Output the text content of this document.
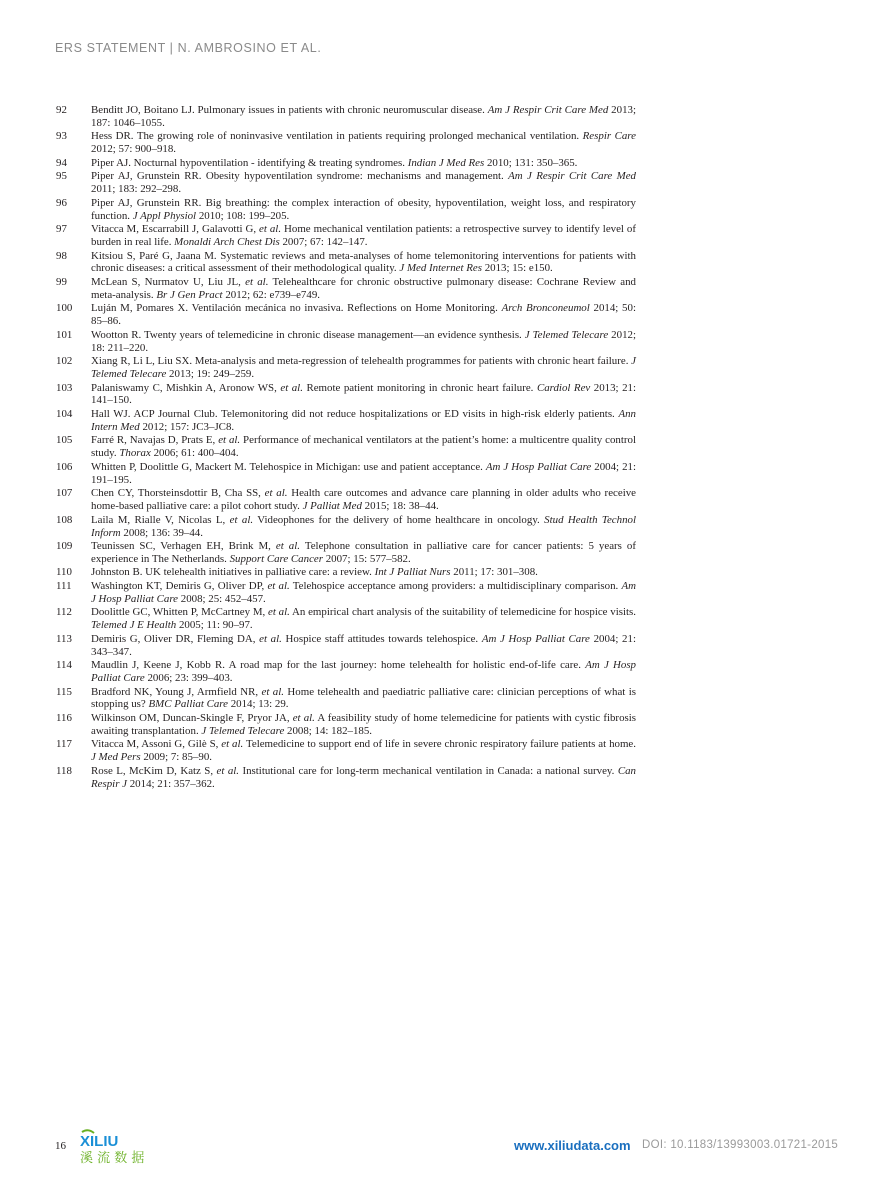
ERS STATEMENT | N. AMBROSINO ET AL.
92 Benditt JO, Boitano LJ. Pulmonary issues in patients with chronic neuromuscular disease. Am J Respir Crit Care Med 2013; 187: 1046–1055.
93 Hess DR. The growing role of noninvasive ventilation in patients requiring prolonged mechanical ventilation. Respir Care 2012; 57: 900–918.
94 Piper AJ. Nocturnal hypoventilation - identifying & treating syndromes. Indian J Med Res 2010; 131: 350–365.
95 Piper AJ, Grunstein RR. Obesity hypoventilation syndrome: mechanisms and management. Am J Respir Crit Care Med 2011; 183: 292–298.
96 Piper AJ, Grunstein RR. Big breathing: the complex interaction of obesity, hypoventilation, weight loss, and respiratory function. J Appl Physiol 2010; 108: 199–205.
97 Vitacca M, Escarrabill J, Galavotti G, et al. Home mechanical ventilation patients: a retrospective survey to identify level of burden in real life. Monaldi Arch Chest Dis 2007; 67: 142–147.
98 Kitsiou S, Paré G, Jaana M. Systematic reviews and meta-analyses of home telemonitoring interventions for patients with chronic diseases: a critical assessment of their methodological quality. J Med Internet Res 2013; 15: e150.
99 McLean S, Nurmatov U, Liu JL, et al. Telehealthcare for chronic obstructive pulmonary disease: Cochrane Review and meta-analysis. Br J Gen Pract 2012; 62: e739–e749.
100 Luján M, Pomares X. Ventilación mecánica no invasiva. Reflections on Home Monitoring. Arch Bronconeumol 2014; 50: 85–86.
101 Wootton R. Twenty years of telemedicine in chronic disease management—an evidence synthesis. J Telemed Telecare 2012; 18: 211–220.
102 Xiang R, Li L, Liu SX. Meta-analysis and meta-regression of telehealth programmes for patients with chronic heart failure. J Telemed Telecare 2013; 19: 249–259.
103 Palaniswamy C, Mishkin A, Aronow WS, et al. Remote patient monitoring in chronic heart failure. Cardiol Rev 2013; 21: 141–150.
104 Hall WJ. ACP Journal Club. Telemonitoring did not reduce hospitalizations or ED visits in high-risk elderly patients. Ann Intern Med 2012; 157: JC3–JC8.
105 Farré R, Navajas D, Prats E, et al. Performance of mechanical ventilators at the patient’s home: a multicentre quality control study. Thorax 2006; 61: 400–404.
106 Whitten P, Doolittle G, Mackert M. Telehospice in Michigan: use and patient acceptance. Am J Hosp Palliat Care 2004; 21: 191–195.
107 Chen CY, Thorsteinsdottir B, Cha SS, et al. Health care outcomes and advance care planning in older adults who receive home-based palliative care: a pilot cohort study. J Palliat Med 2015; 18: 38–44.
108 Laila M, Rialle V, Nicolas L, et al. Videophones for the delivery of home healthcare in oncology. Stud Health Technol Inform 2008; 136: 39–44.
109 Teunissen SC, Verhagen EH, Brink M, et al. Telephone consultation in palliative care for cancer patients: 5 years of experience in The Netherlands. Support Care Cancer 2007; 15: 577–582.
110 Johnston B. UK telehealth initiatives in palliative care: a review. Int J Palliat Nurs 2011; 17: 301–308.
111 Washington KT, Demiris G, Oliver DP, et al. Telehospice acceptance among providers: a multidisciplinary comparison. Am J Hosp Palliat Care 2008; 25: 452–457.
112 Doolittle GC, Whitten P, McCartney M, et al. An empirical chart analysis of the suitability of telemedicine for hospice visits. Telemed J E Health 2005; 11: 90–97.
113 Demiris G, Oliver DR, Fleming DA, et al. Hospice staff attitudes towards telehospice. Am J Hosp Palliat Care 2004; 21: 343–347.
114 Maudlin J, Keene J, Kobb R. A road map for the last journey: home telehealth for holistic end-of-life care. Am J Hosp Palliat Care 2006; 23: 399–403.
115 Bradford NK, Young J, Armfield NR, et al. Home telehealth and paediatric palliative care: clinician perceptions of what is stopping us? BMC Palliat Care 2014; 13: 29.
116 Wilkinson OM, Duncan-Skingle F, Pryor JA, et al. A feasibility study of home telemedicine for patients with cystic fibrosis awaiting transplantation. J Telemed Telecare 2008; 14: 182–185.
117 Vitacca M, Assoni G, Gilè S, et al. Telemedicine to support end of life in severe chronic respiratory failure patients at home. J Med Pers 2009; 7: 85–90.
118 Rose L, McKim D, Katz S, et al. Institutional care for long-term mechanical ventilation in Canada: a national survey. Can Respir J 2014; 21: 357–362.
16 XILIU
溪 流 数 据
www.xiliudata.com DOI: 10.1183/13993003.01721-2015
